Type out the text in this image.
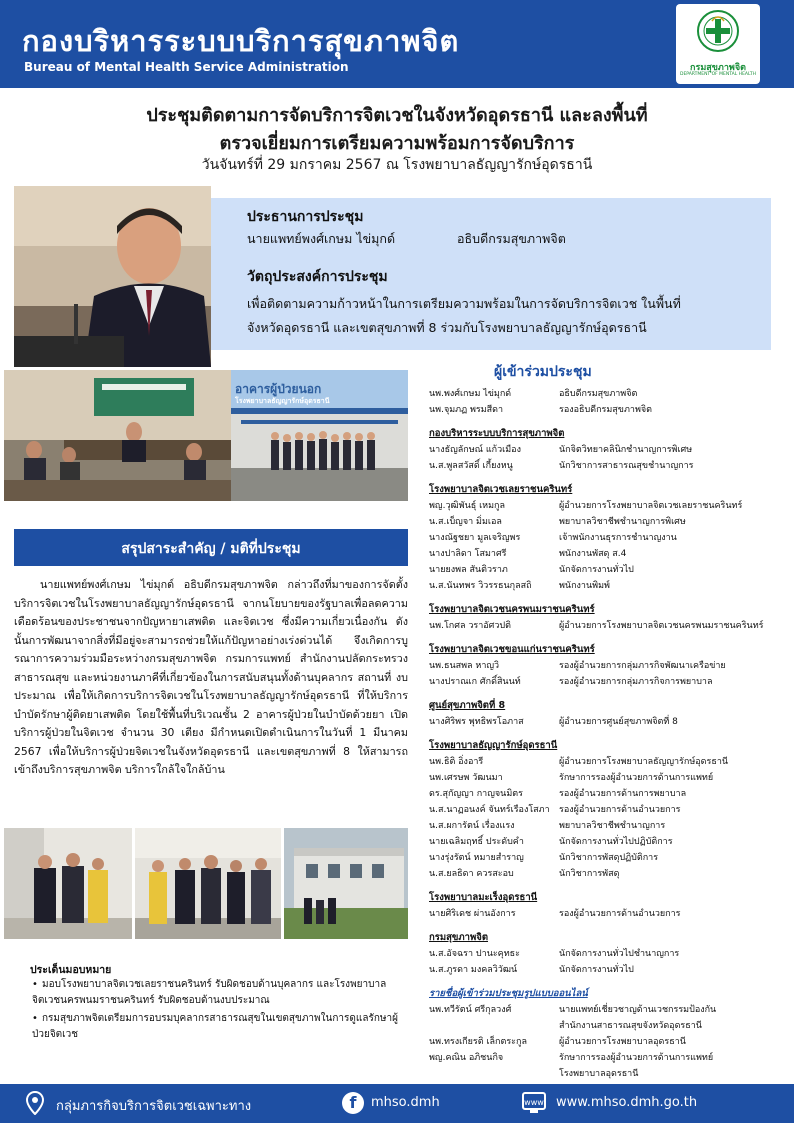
กองบริหารระบบบริการสุขภาพจิต
Bureau of Mental Health Service Administration	กรมสุขภาพจิต
DEPARTMENT OF MENTAL HEALTH
ประชุมติดตามการจัดบริการจิตเวชในจังหวัดอุดรธานี และลงพื้นที่
ตรวจเยี่ยมการเตรียมความพร้อมการจัดบริการ
วันจันทร์ที่ 29 มกราคม 2567 ณ โรงพยาบาลธัญญารักษ์อุดรธานี
ประธานการประชุม
นายแพทย์พงศ์เกษม ไข่มุกด์	อธิบดีกรมสุขภาพจิต
วัตถุประสงค์การประชุม
เพื่อติดตามความก้าวหน้าในการเตรียมความพร้อมในการจัดบริการจิตเวช ในพื้นที่
จังหวัดอุดรธานี และเขตสุขภาพที่ 8 ร่วมกับโรงพยาบาลธัญญารักษ์อุดรธานี
อาคารผู้ป่วยนอก
โรงพยาบาลธัญญารักษ์อุดรธานี
สรุปสาระสำคัญ / มติที่ประชุม

นายแพทย์พงศ์เกษม ไข่มุกด์ อธิบดีกรมสุขภาพจิต กล่าวถึงที่มาของการจัดตั้งบริการจิตเวชในโรงพยาบาลธัญญารักษ์อุดรธานี จากนโยบายของรัฐบาลเพื่อลดความเดือดร้อนของประชาชนจากปัญหายาเสพติด และจิตเวช ซึ่งมีความเกี่ยวเนื่องกัน ดังนั้นการพัฒนาจากสิ่งที่มีอยู่จะสามารถช่วยให้แก้ปัญหาอย่างเร่งด่วนได้ จึงเกิดการบูรณาการความร่วมมือระหว่างกรมสุขภาพจิต กรมการแพทย์ สำนักงานปลัดกระทรวงสาธารณสุข และหน่วยงานภาคีที่เกี่ยวข้องในการสนับสนุนทั้งด้านบุคลากร สถานที่ งบประมาณ เพื่อให้เกิดการบริการจิตเวชในโรงพยาบาลธัญญารักษ์อุดรธานี ที่ให้บริการบำบัดรักษาผู้ติดยาเสพติด โดยใช้พื้นที่บริเวณชั้น 2 อาคารผู้ป่วยในบำบัดด้วยยา เปิดบริการผู้ป่วยในจิตเวช จำนวน 30 เตียง มีกำหนดเปิดดำเนินการในวันที่ 1 มีนาคม 2567 เพื่อให้บริการผู้ป่วยจิตเวชในจังหวัดอุดรธานี และเขตสุขภาพที่ 8 ให้สามารถเข้าถึงบริการสุขภาพจิต บริการใกล้ใจใกล้บ้าน

ประเด็นมอบหมาย
• มอบโรงพยาบาลจิตเวชเลยราชนครินทร์ รับผิดชอบด้านบุคลากร และโรงพยาบาลจิตเวชนครพนมราชนครินทร์ รับผิดชอบด้านงบประมาณ
• กรมสุขภาพจิตเตรียมการอบรมบุคลากรสาธารณสุขในเขตสุขภาพในการดูแลรักษาผู้ป่วยจิตเวช
ผู้เข้าร่วมประชุม
นพ.พงศ์เกษม ไข่มุกด์	อธิบดีกรมสุขภาพจิต
นพ.จุมภฏ พรมสีดา	รองอธิบดีกรมสุขภาพจิต
กองบริหารระบบบริการสุขภาพจิต
นางธัญลักษณ์ แก้วเมือง	นักจิตวิทยาคลินิกชำนาญการพิเศษ
น.ส.พูลสวัสดิ์ เกี้ยงหนู	นักวิชาการสาธารณสุขชำนาญการ
โรงพยาบาลจิตเวชเลยราชนครินทร์
พญ.วุฒิพันธุ์ เหมกูล	ผู้อำนวยการโรงพยาบาลจิตเวชเลยราชนครินทร์
น.ส.เบ็ญจา มิ่มเอล	พยาบาลวิชาชีพชำนาญการพิเศษ
นางณัฐชยา มูลเจริญพร	เจ้าพนักงานธุรการชำนาญงาน
นางปาลิดา โสมาศรี	พนักงานพัสดุ ส.4
นายยงพล สันติวราภ	นักจัดการงานทั่วไป
น.ส.นันทพร วิวรรธนกุลสถิ	พนักงานพิมพ์
โรงพยาบาลจิตเวชนครพนมราชนครินทร์
นพ.โกศล วราอัศวปติ	ผู้อำนวยการโรงพยาบาลจิตเวชนครพนมราชนครินทร์
โรงพยาบาลจิตเวชขอนแก่นราชนครินทร์
นพ.ธนสพล หาญวิ	รองผู้อำนวยการกลุ่มภารกิจพัฒนาเครือข่าย
นางปราณเก ศักดิ์สินนท์	รองผู้อำนวยการกลุ่มภารกิจการพยาบาล
ศูนย์สุขภาพจิตที่ 8
นางศิริพร พุทธิพรโอภาส	ผู้อำนวยการศูนย์สุขภาพจิตที่ 8
โรงพยาบาลธัญญารักษ์อุดรธานี
นพ.ธิติ อิ่งอารี	ผู้อำนวยการโรงพยาบาลธัญญารักษ์อุดรธานี
นพ.เศรษพ วัฒนมา	รักษาการรองผู้อำนวยการด้านการแพทย์
ดร.สุกัญญา กาญจนมิตร	รองผู้อำนวยการด้านการพยาบาล
น.ส.นาฏอนงค์ จันทร์เรืองโสภา รองผู้อำนวยการด้านอำนวยการ
น.ส.ผการัตน์ เรื่องแรง	พยาบาลวิชาชีพชำนาญการ
นายเฉลิมฤทธิ์ ประดับคำ	นักจัดการงานทั่วไปปฏิบัติการ
นางรุ่งรัตน์ หมายสำราญ	นักวิชาการพัสดุปฏิบัติการ
น.ส.ยลธิดา ควรสะอบ	นักวิชาการพัสดุ
โรงพยาบาลมะเร็งอุดรธานี
นายศิริเดช ผ่านอังการ	รองผู้อำนวยการด้านอำนวยการ
กรมสุขภาพจิต
น.ส.อัจฉรา ปานะคุทธะ	นักจัดการงานทั่วไปชำนาญการ
น.ส.ภูรดา มงคลวิวัฒน์	นักจัดการงานทั่วไป
รายชื่อผู้เข้าร่วมประชุมรูปแบบออนไลน์
นพ.ทวีรัตน์ ศรีกุลวงศ์	นายแพทย์เชี่ยวชาญด้านเวชกรรมป้องกัน
สำนักงานสาธารณสุขจังหวัดอุดรธานี
นพ.ทรงเกียรติ เล็กตระกูล	ผู้อำนวยการโรงพยาบาลอุดรธานี
พญ.คณิน อภิชนกิจ	รักษาการรองผู้อำนวยการด้านการแพทย์
โรงพยาบาลอุดรธานี
กลุ่มภารกิจบริการจิตเวชเฉพาะทาง	f	mhso.dmh	www www.mhso.dmh.go.th
